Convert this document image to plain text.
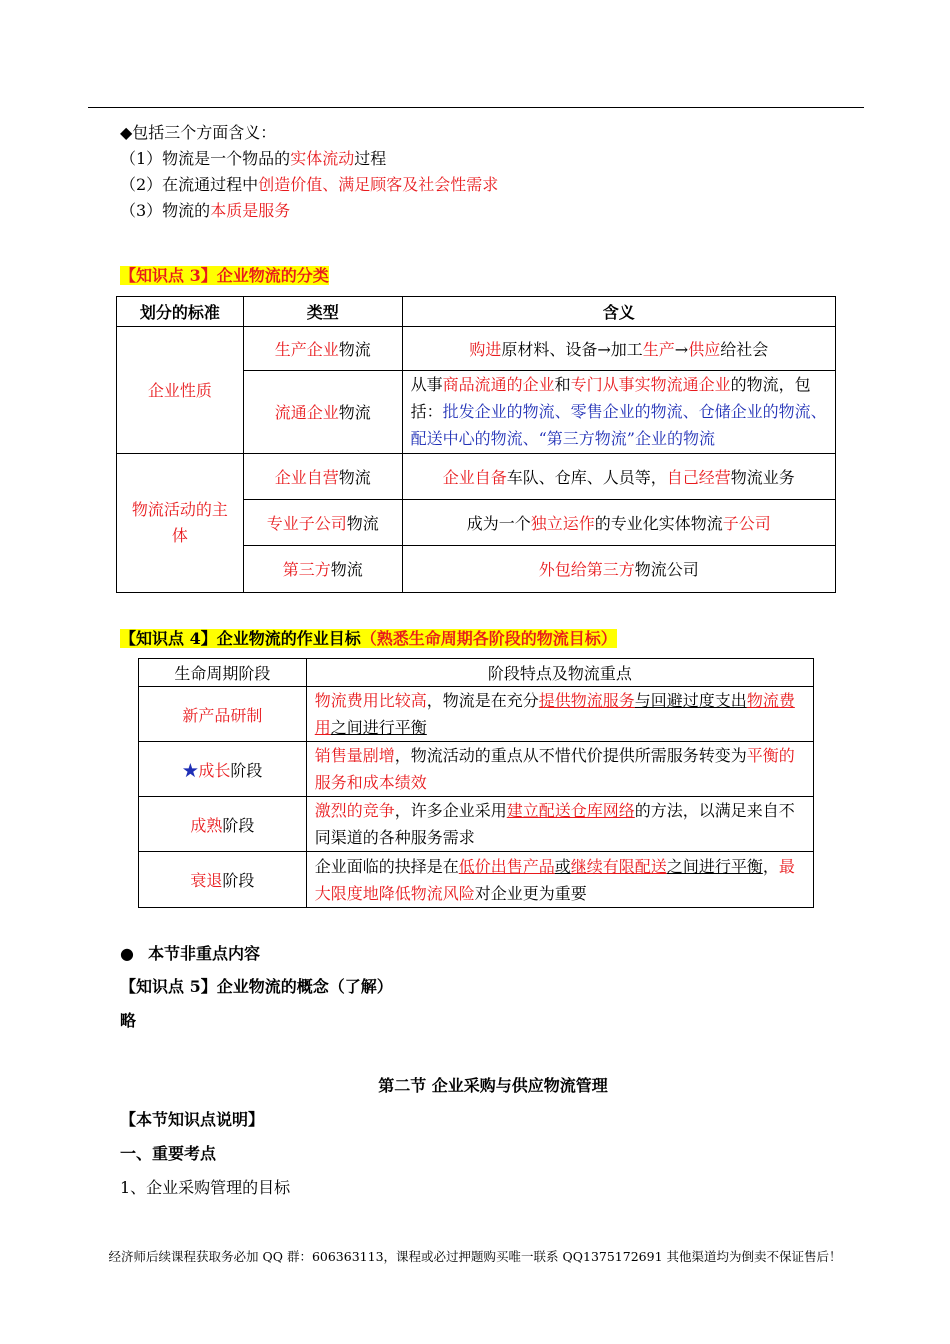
◆包括三个方面含义：
（1）物流是一个物品的实体流动过程
（2）在流通过程中创造价值、满足顾客及社会性需求
（3）物流的本质是服务
【知识点 3】企业物流的分类
划分的标准	类型	含义
企业性质	生产企业物流	购进原材料、设备→加工生产→供应给社会
	流通企业物流	从事商品流通的企业和专门从事实物流通企业的物流，包括：批发企业的物流、零售企业的物流、仓储企业的物流、配送中心的物流、“第三方物流”企业的物流

物流活动的主体	企业自营物流	企业自备车队、仓库、人员等，自己经营物流业务
	专业子公司物流	成为一个独立运作的专业化实体物流子公司
	第三方物流	外包给第三方物流公司
【知识点 4】企业物流的作业目标（熟悉生命周期各阶段的物流目标）
生命周期阶段	阶段特点及物流重点
新产品研制	物流费用比较高，物流是在充分提供物流服务与回避过度支出物流费用之间进行平衡

★成长阶段	销售量剧增，物流活动的重点从不惜代价提供所需服务转变为平衡的服务和成本绩效

成熟阶段	激烈的竞争，许多企业采用建立配送仓库网络的方法，以满足来自不同渠道的各种服务需求

衰退阶段	企业面临的抉择是在低价出售产品或继续有限配送之间进行平衡，最大限度地降低物流风险对企业更为重要
● 本节非重点内容
【知识点 5】企业物流的概念（了解）
略
第二节 企业采购与供应物流管理
【本节知识点说明】
一、重要考点
1、企业采购管理的目标
经济师后续课程获取务必加 QQ 群：606363113，课程或必过押题购买唯一联系 QQ1375172691 其他渠道均为倒卖不保证售后！
